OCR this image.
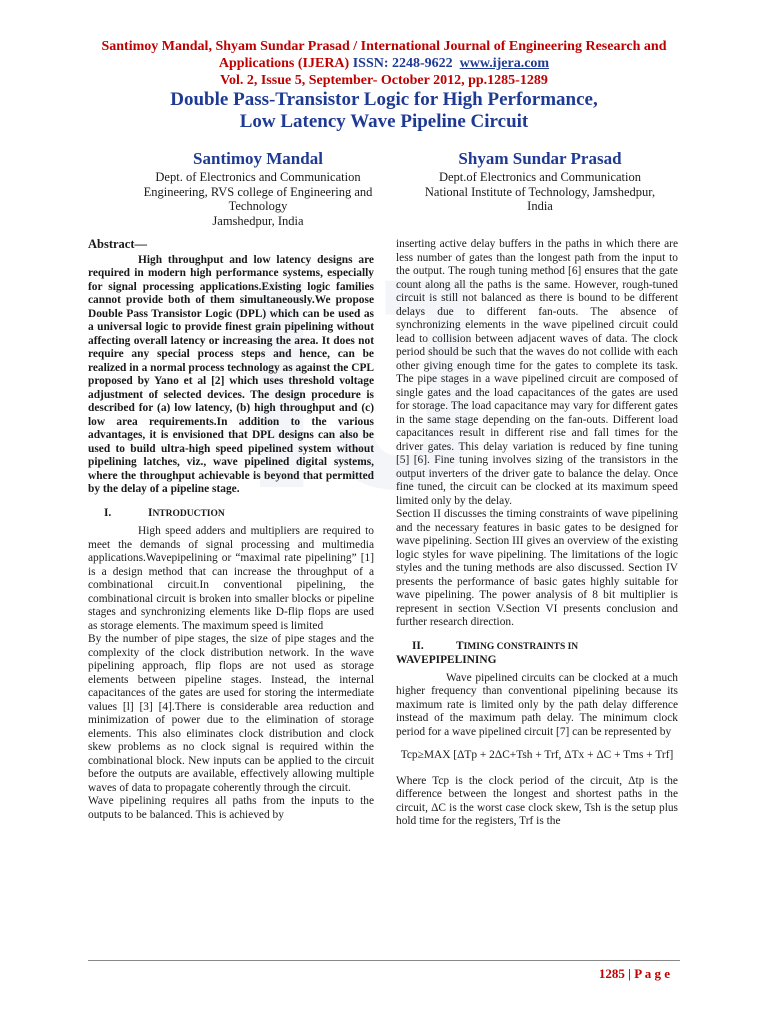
Santimoy Mandal, Shyam Sundar Prasad / International Journal of Engineering Research and
Applications (IJERA) ISSN: 2248-9622 www.ijera.com
Vol. 2, Issue 5, September- October 2012, pp.1285-1289
Double Pass-Transistor Logic for High Performance,
Low Latency Wave Pipeline Circuit
Santimoy Mandal
Dept. of Electronics and Communication
Engineering, RVS college of Engineering and
Technology
Jamshedpur, India
Shyam Sundar Prasad
Dept.of Electronics and Communication
National Institute of Technology, Jamshedpur,
India
Abstract—

High throughput and low latency designs are required in modern high performance systems, especially for signal processing applications.Existing logic families cannot provide both of them simultaneously.We propose Double Pass Transistor Logic (DPL) which can be used as a universal logic to provide finest grain pipelining without affecting overall latency or increasing the area. It does not require any special process steps and hence, can be realized in a normal process technology as against the CPL proposed by Yano et al [2] which uses threshold voltage adjustment of selected devices. The design procedure is described for (a) low latency, (b) high throughput and (c) low area requirements.In addition to the various advantages, it is envisioned that DPL designs can also be used to build ultra-high speed pipelined system without pipelining latches, viz., wave pipelined digital systems, where the throughput achievable is beyond that permitted by the delay of a pipeline stage.

I.	INTRODUCTION

High speed adders and multipliers are required to meet the demands of signal processing and multimedia applications.Wavepipelining or “maximal rate pipelining” [1] is a design method that can increase the throughput of a combinational circuit.In conventional pipelining, the combinational circuit is broken into smaller blocks or pipeline stages and synchronizing elements like D-flip flops are used as storage elements. The maximum speed is limited

By the number of pipe stages, the size of pipe stages and the complexity of the clock distribution network. In the wave pipelining approach, flip flops are not used as storage elements between pipeline stages. Instead, the internal capacitances of the gates are used for storing the intermediate values [l] [3] [4].There is considerable area reduction and minimization of power due to the elimination of storage elements. This also eliminates clock distribution and clock skew problems as no clock signal is required within the combinational block. New inputs can be applied to the circuit before the outputs are available, effectively allowing multiple waves of data to propagate coherently through the circuit.

Wave pipelining requires all paths from the inputs to the outputs to be balanced. This is achieved by

inserting active delay buffers in the paths in which there are less number of gates than the longest path from the input to the output. The rough tuning method [6] ensures that the gate count along all the paths is the same. However, rough-tuned circuit is still not balanced as there is bound to be different delays due to different fan-outs. The absence of synchronizing elements in the wave pipelined circuit could lead to collision between adjacent waves of data. The clock period should be such that the waves do not collide with each other giving enough time for the gates to complete its task. The pipe stages in a wave pipelined circuit are composed of single gates and the load capacitances of the gates are used for storage. The load capacitance may vary for different gates in the same stage depending on the fan-outs. Different load capacitances result in different rise and fall times for the driver gates. This delay variation is reduced by fine tuning [5] [6]. Fine tuning involves sizing of the transistors in the output inverters of the driver gate to balance the delay. Once fine tuned, the circuit can be clocked at its maximum speed limited only by the delay.

Section II discusses the timing constraints of wave pipelining and the necessary features in basic gates to be designed for wave pipelining. Section III gives an overview of the existing logic styles for wave pipelining. The limitations of the logic styles and the tuning methods are also discussed. Section IV presents the performance of basic gates highly suitable for wave pipelining. The power analysis of 8 bit multiplier is represent in section V.Section VI presents conclusion and further research direction.

II.	TIMING CONSTRAINTS IN
WAVEPIPELINING

Wave pipelined circuits can be clocked at a much higher frequency than conventional pipelining because its maximum rate is limited only by the path delay difference instead of the maximum path delay. The minimum clock period for a wave pipelined circuit [7] can be represented by

Tcp≥MAX [ΔTp + 2ΔC+Tsh + Trf, ΔTx + ΔC + Tms + Trf]

Where Tcp is the clock period of the circuit, Δtp is the difference between the longest and shortest paths in the circuit, ΔC is the worst case clock skew, Tsh is the setup plus hold time for the registers, Trf is the

1285 | P a g e
